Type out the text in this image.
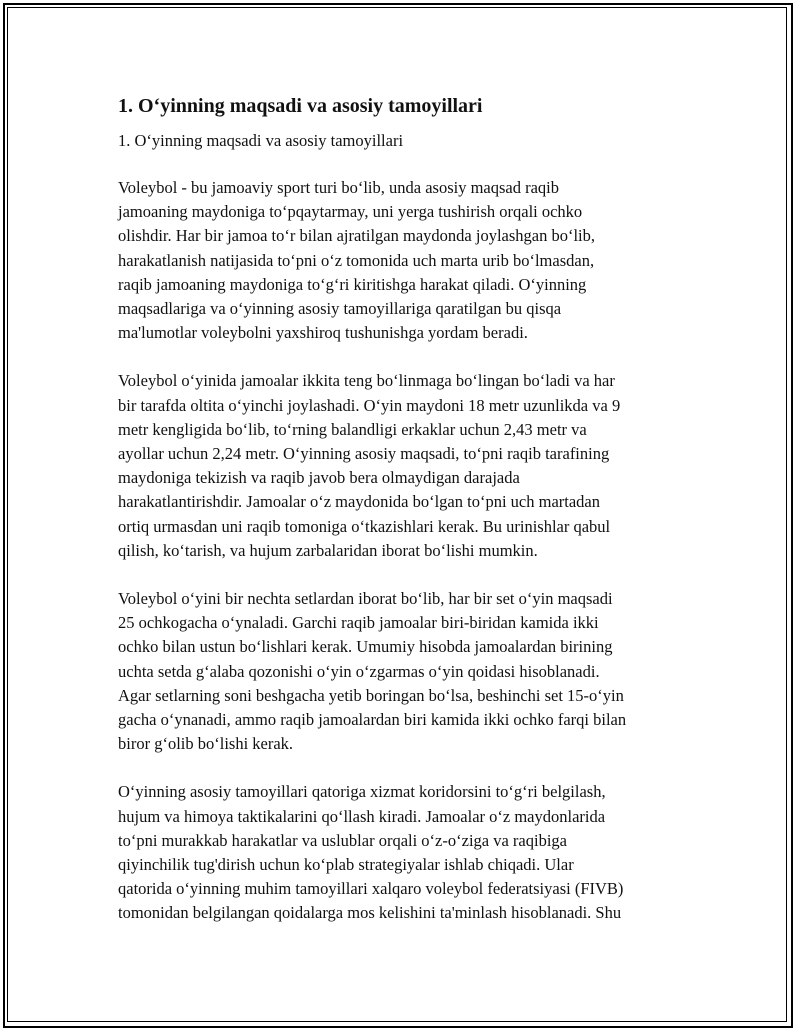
1. O‘yinning maqsadi va asosiy tamoyillari
1. O‘yinning maqsadi va asosiy tamoyillari
Voleybol - bu jamoaviy sport turi bo‘lib, unda asosiy maqsad raqib
jamoaning maydoniga to‘pqaytarmay, uni yerga tushirish orqali ochko
olishdir. Har bir jamoa to‘r bilan ajratilgan maydonda joylashgan bo‘lib,
harakatlanish natijasida to‘pni o‘z tomonida uch marta urib bo‘lmasdan,
raqib jamoaning maydoniga to‘g‘ri kiritishga harakat qiladi. O‘yinning
maqsadlariga va o‘yinning asosiy tamoyillariga qaratilgan bu qisqa
ma'lumotlar voleybolni yaxshiroq tushunishga yordam beradi.
Voleybol o‘yinida jamoalar ikkita teng bo‘linmaga bo‘lingan bo‘ladi va har
bir tarafda oltita o‘yinchi joylashadi. O‘yin maydoni 18 metr uzunlikda va 9
metr kengligida bo‘lib, to‘rning balandligi erkaklar uchun 2,43 metr va
ayollar uchun 2,24 metr. O‘yinning asosiy maqsadi, to‘pni raqib tarafining
maydoniga tekizish va raqib javob bera olmaydigan darajada
harakatlantirishdir. Jamoalar o‘z maydonida bo‘lgan to‘pni uch martadan
ortiq urmasdan uni raqib tomoniga o‘tkazishlari kerak. Bu urinishlar qabul
qilish, ko‘tarish, va hujum zarbalaridan iborat bo‘lishi mumkin.
Voleybol o‘yini bir nechta setlardan iborat bo‘lib, har bir set o‘yin maqsadi
25 ochkogacha o‘ynaladi. Garchi raqib jamoalar biri-biridan kamida ikki
ochko bilan ustun bo‘lishlari kerak. Umumiy hisobda jamoalardan birining
uchta setda g‘alaba qozonishi o‘yin o‘zgarmas o‘yin qoidasi hisoblanadi.
Agar setlarning soni beshgacha yetib boringan bo‘lsa, beshinchi set 15-o‘yin
gacha o‘ynanadi, ammo raqib jamoalardan biri kamida ikki ochko farqi bilan
biror g‘olib bo‘lishi kerak.
O‘yinning asosiy tamoyillari qatoriga xizmat koridorsini to‘g‘ri belgilash,
hujum va himoya taktikalarini qo‘llash kiradi. Jamoalar o‘z maydonlarida
to‘pni murakkab harakatlar va uslublar orqali o‘z-o‘ziga va raqibiga
qiyinchilik tug'dirish uchun ko‘plab strategiyalar ishlab chiqadi. Ular
qatorida o‘yinning muhim tamoyillari xalqaro voleybol federatsiyasi (FIVB)
tomonidan belgilangan qoidalarga mos kelishini ta'minlash hisoblanadi. Shu
